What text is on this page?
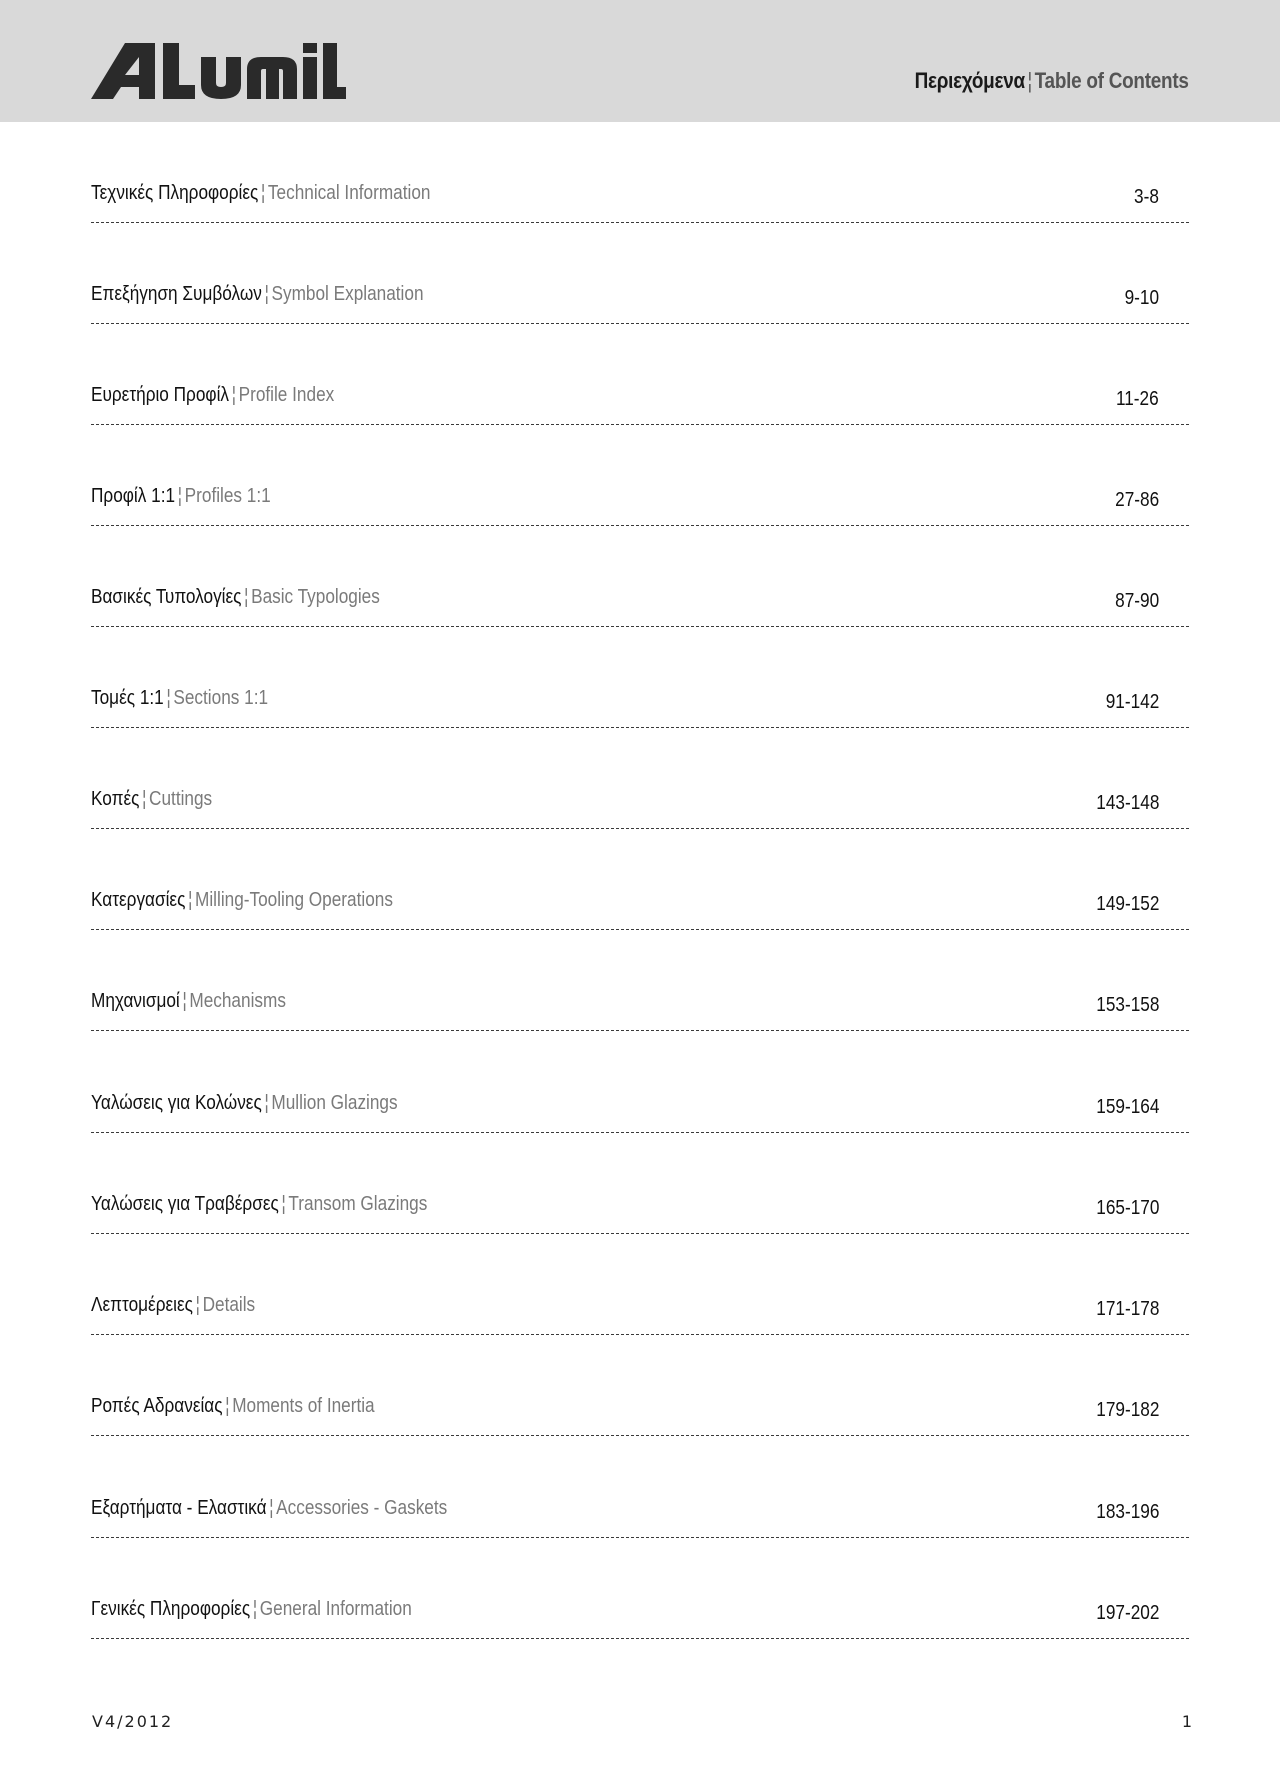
Περιεχόμενα ¦ Table of Contents
Τεχνικές Πληροφορίες ¦ Technical Information	3-8
Επεξήγηση Συμβόλων ¦ Symbol Explanation	9-10
Ευρετήριο Προφίλ ¦ Profile Index	11-26
Προφίλ 1:1 ¦ Profiles 1:1	27-86
Βασικές Τυπολογίες ¦ Basic Typologies	87-90
Τομές 1:1 ¦ Sections 1:1	91-142
Κοπές ¦ Cuttings	143-148
Κατεργασίες ¦ Milling-Tooling Operations	149-152
Μηχανισμοί ¦ Mechanisms	153-158
Υαλώσεις για Κολώνες ¦ Mullion Glazings	159-164
Υαλώσεις για Τραβέρσες ¦ Transom Glazings	165-170
Λεπτομέρειες ¦ Details	171-178
Ροπές Αδρανείας ¦ Moments of Inertia	179-182
Εξαρτήματα - Ελαστικά ¦ Accessories - Gaskets	183-196
Γενικές Πληροφορίες ¦ General Information	197-202
V4/2012	1
